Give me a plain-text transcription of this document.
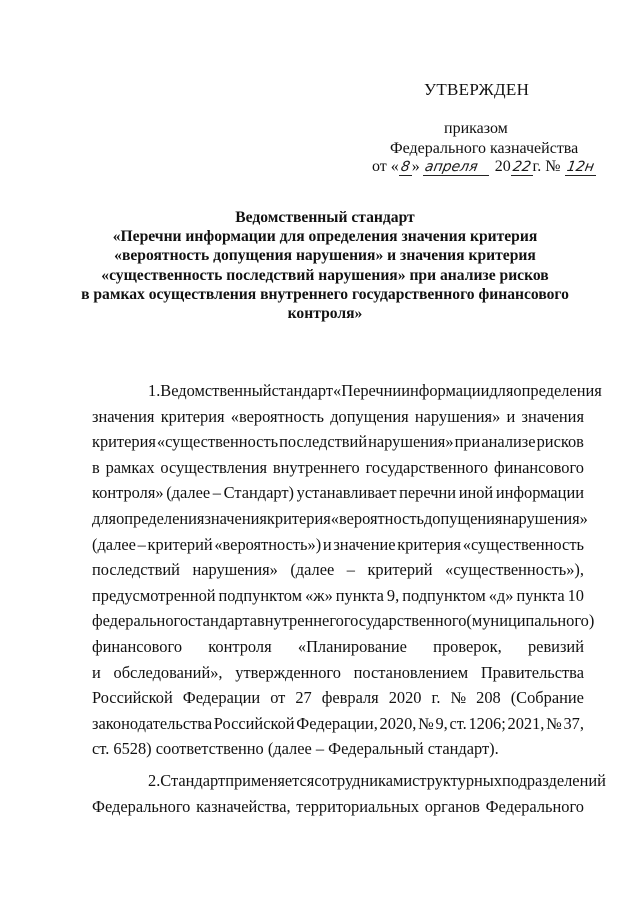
УТВЕРЖДЕН
приказом
Федерального казначейства
от « 8 » апреля 20 22 г. № 12н
Ведомственный стандарт
«Перечни информации для определения значения критерия
«вероятность допущения нарушения» и значения критерия
«существенность последствий нарушения» при анализе рисков
в рамках осуществления внутреннего государственного финансового
контроля»
1. Ведомственный стандарт «Перечни информации для определения
значения критерия «вероятность допущения нарушения» и значения
критерия «существенность последствий нарушения» при анализе рисков
в рамках осуществления внутреннего государственного финансового
контроля» (далее – Стандарт) устанавливает перечни иной информации
для определения значения критерия «вероятность допущения нарушения»
(далее – критерий «вероятность») и значение критерия «существенность
последствий нарушения» (далее – критерий «существенность»),
предусмотренной подпунктом «ж» пункта 9, подпунктом «д» пункта 10
федерального стандарта внутреннего государственного (муниципального)
финансового контроля «Планирование проверок, ревизий
и обследований», утвержденного постановлением Правительства
Российской Федерации от 27 февраля 2020 г. № 208 (Собрание
законодательства Российской Федерации, 2020, № 9, ст. 1206; 2021, № 37,
ст. 6528) соответственно (далее – Федеральный стандарт).
2. Стандарт применяется сотрудниками структурных подразделений
Федерального казначейства, территориальных органов Федерального
